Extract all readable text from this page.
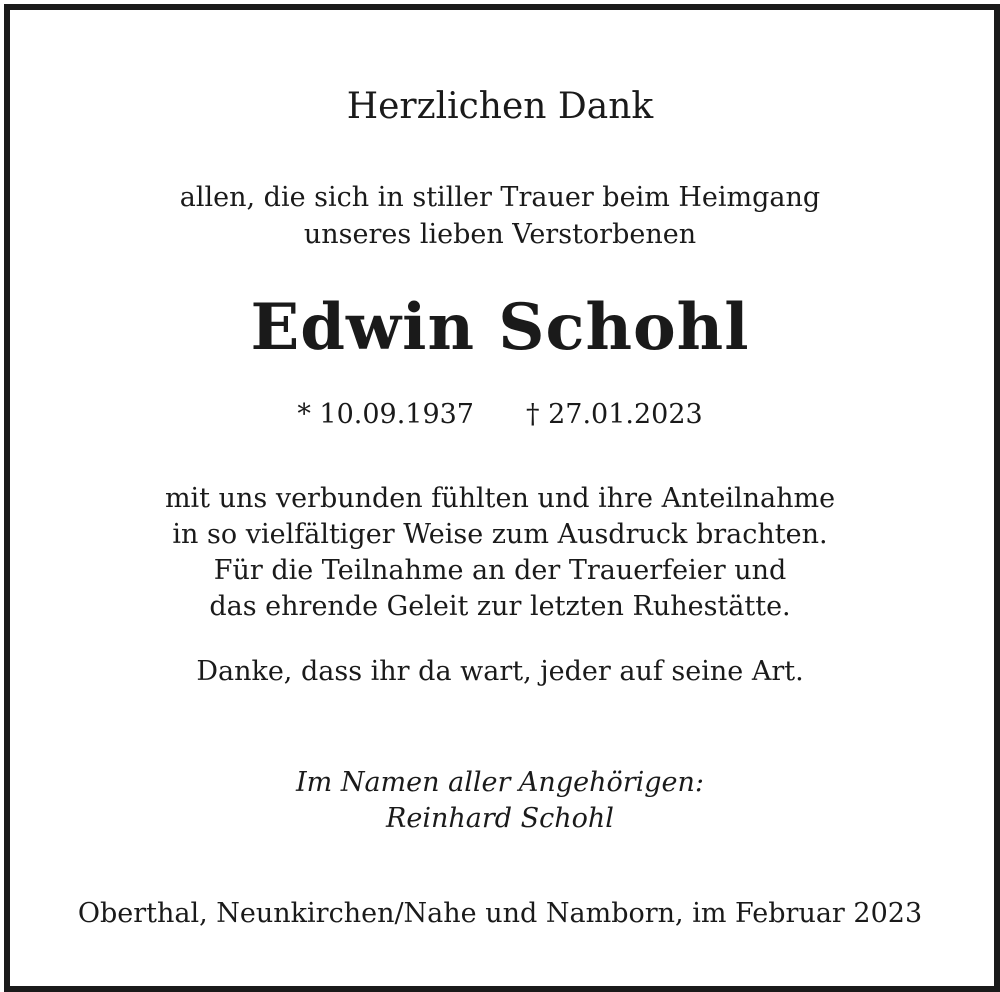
Herzlichen Dank
allen, die sich in stiller Trauer beim Heimgang
unseres lieben Verstorbenen
Edwin Schohl
* 10.09.1937 † 27.01.2023
mit uns verbunden fühlten und ihre Anteilnahme
in so vielfältiger Weise zum Ausdruck brachten.
Für die Teilnahme an der Trauerfeier und
das ehrende Geleit zur letzten Ruhestätte.
Danke, dass ihr da wart, jeder auf seine Art.
Im Namen aller Angehörigen:
Reinhard Schohl
Oberthal, Neunkirchen/Nahe und Namborn, im Februar 2023
